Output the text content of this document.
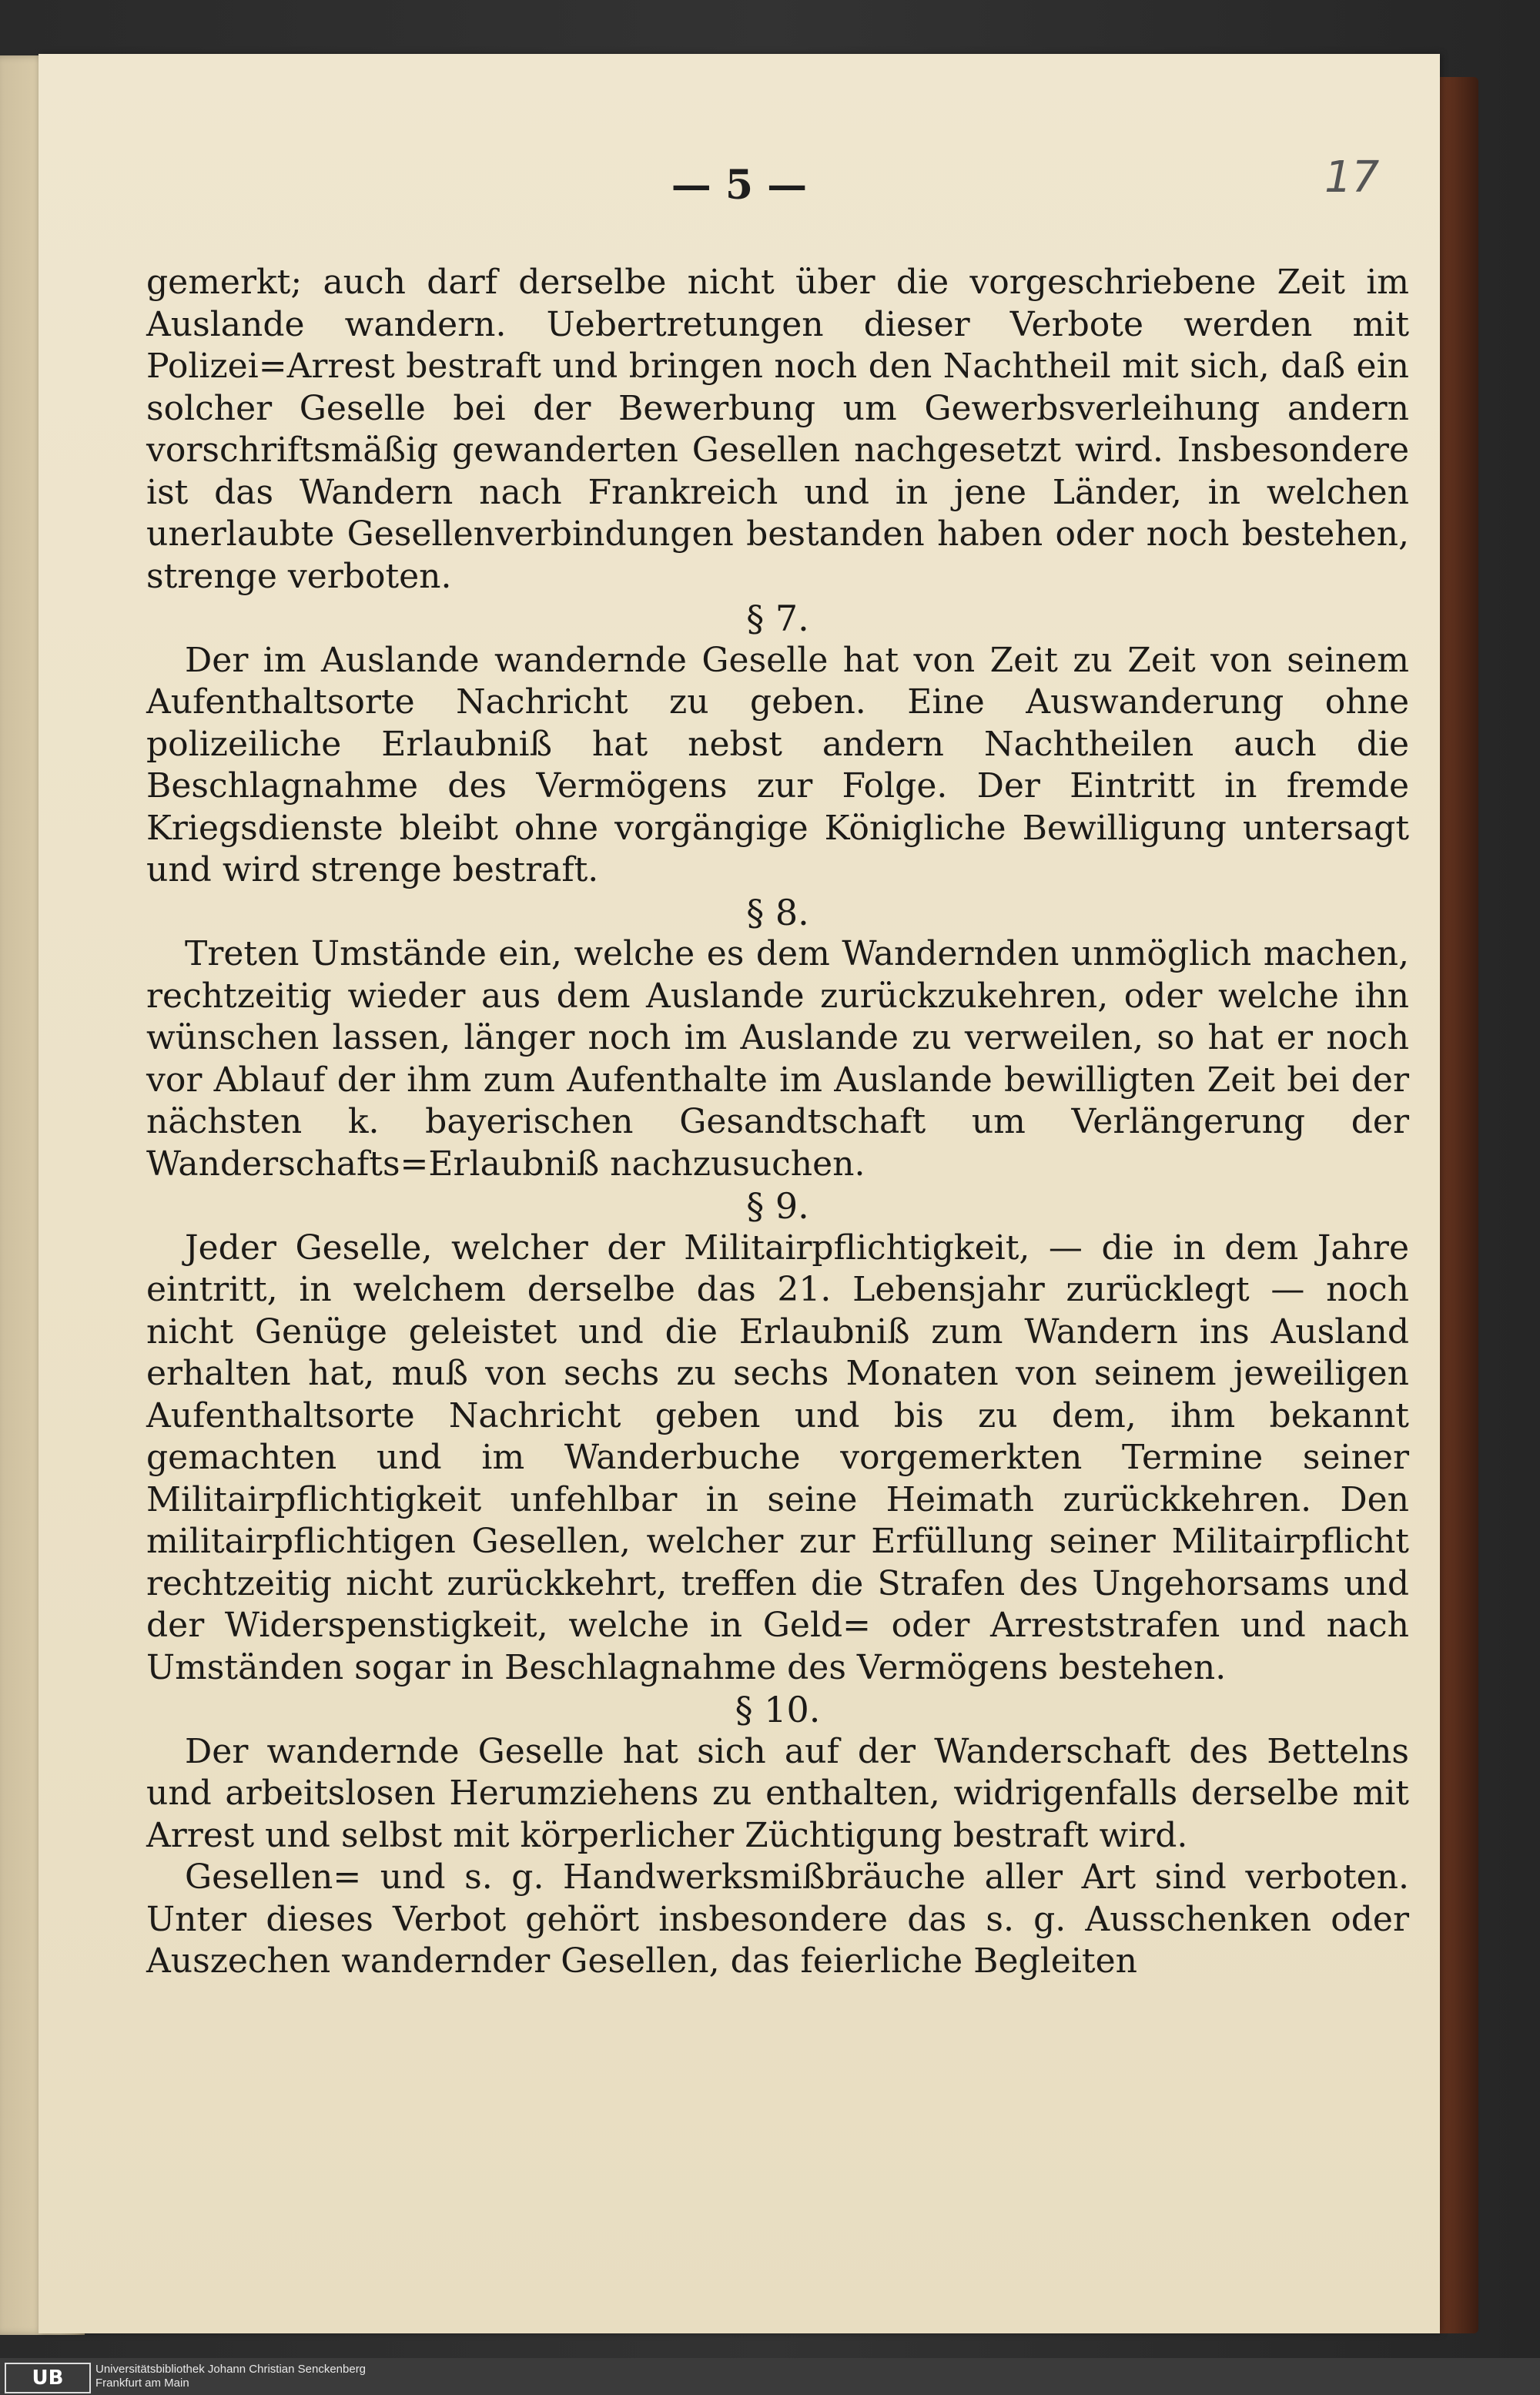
— 5 —	17

gemerkt; auch darf derselbe nicht über die vorgeschriebene Zeit im Auslande wandern. Uebertretungen dieser Verbote werden mit Polizei=Arrest bestraft und bringen noch den Nachtheil mit sich, daß ein solcher Geselle bei der Bewerbung um Gewerbsverleihung andern vorschriftsmäßig gewanderten Gesellen nachgesetzt wird. Insbesondere ist das Wandern nach Frankreich und in jene Länder, in welchen unerlaubte Gesellenverbindungen bestanden haben oder noch bestehen, strenge verboten.

§ 7.

Der im Auslande wandernde Geselle hat von Zeit zu Zeit von seinem Aufenthaltsorte Nachricht zu geben. Eine Auswanderung ohne polizeiliche Erlaubniß hat nebst andern Nachtheilen auch die Beschlagnahme des Vermögens zur Folge. Der Eintritt in fremde Kriegsdienste bleibt ohne vorgängige Königliche Bewilligung untersagt und wird strenge bestraft.

§ 8.

Treten Umstände ein, welche es dem Wandernden unmöglich machen, rechtzeitig wieder aus dem Auslande zurückzukehren, oder welche ihn wünschen lassen, länger noch im Auslande zu verweilen, so hat er noch vor Ablauf der ihm zum Aufenthalte im Auslande bewilligten Zeit bei der nächsten k. bayerischen Gesandtschaft um Verlängerung der Wanderschafts=Erlaubniß nachzusuchen.

§ 9.

Jeder Geselle, welcher der Militairpflichtigkeit, — die in dem Jahre eintritt, in welchem derselbe das 21. Lebensjahr zurücklegt — noch nicht Genüge geleistet und die Erlaubniß zum Wandern ins Ausland erhalten hat, muß von sechs zu sechs Monaten von seinem jeweiligen Aufenthaltsorte Nachricht geben und bis zu dem, ihm bekannt gemachten und im Wanderbuche vorgemerkten Termine seiner Militairpflichtigkeit unfehlbar in seine Heimath zurückkehren. Den militairpflichtigen Gesellen, welcher zur Erfüllung seiner Militairpflicht rechtzeitig nicht zurückkehrt, treffen die Strafen des Ungehorsams und der Widerspenstigkeit, welche in Geld= oder Arreststrafen und nach Umständen sogar in Beschlagnahme des Vermögens bestehen.

§ 10.

Der wandernde Geselle hat sich auf der Wanderschaft des Bettelns und arbeitslosen Herumziehens zu enthalten, widrigenfalls derselbe mit Arrest und selbst mit körperlicher Züchtigung bestraft wird.

Gesellen= und s. g. Handwerksmißbräuche aller Art sind verboten. Unter dieses Verbot gehört insbesondere das s. g. Ausschenken oder Auszechen wandernder Gesellen, das feierliche Begleiten

UB	Universitätsbibliothek Johann Christian Senckenberg
Frankfurt am Main
